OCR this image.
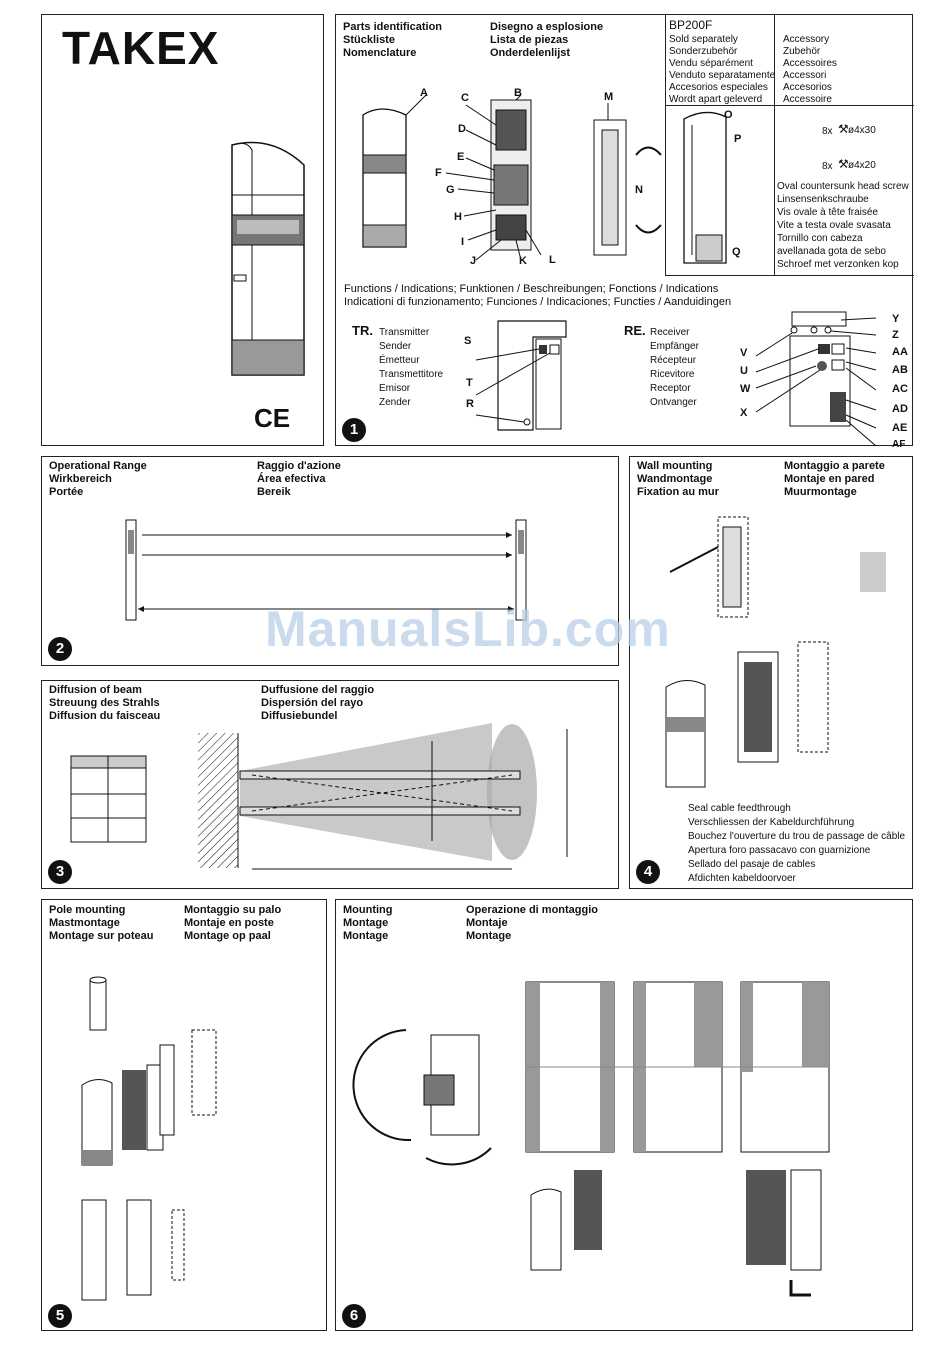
TAKEX
CE
Parts identification
Stückliste
Nomenclature
Disegno a esplosione
Lista de piezas
Onderdelenlijst
A	B
C
D
E
F
G
H
I
J	K L
M
N
BP200F
Sold separately
Sonderzubehör
Vendu séparément
Venduto separatamente
Accesorios especiales
Wordt apart geleverd
Accessory
Zubehör
Accessoires
Accessori
Accesorios
Accessoire
O
P
Q
8x ⚒ ø4x30
8x ⚒ ø4x20
Oval countersunk head screw
Linsensenkschraube
Vis ovale à tête fraisée
Vite a testa ovale svasata
Tornillo con cabeza
avellanada gota de sebo
Schroef met verzonken kop
Functions / Indications; Funktionen / Beschreibungen; Fonctions / Indications
Indicationi di funzionamento; Funciones / Indicaciones; Functies / Aanduidingen
TR. Transmitter
Sender
Émetteur
Transmettitore
Emisor
Zender
S
T
R
RE. Receiver
Empfänger
Récepteur
Ricevitore
Receptor
Ontvanger
V
U
W
X
Y
Z
AA
AB
AC
AD
AE
AF
1
Operational Range
Wirkbereich
Portée
Raggio d'azione
Área efectiva
Bereik
2
Diffusion of beam
Streuung des Strahls
Diffusion du faisceau
Duffusione del raggio
Dispersión del rayo
Diffusiebundel
3
Wall mounting
Wandmontage
Fixation au mur
Montaggio a parete
Montaje en pared
Muurmontage
Seal cable feedthrough
Verschliessen der Kabeldurchführung
Bouchez l'ouverture du trou de passage de câble
Apertura foro passacavo con guarnizione
Sellado del pasaje de cables
Afdichten kabeldoorvoer
4
Pole mounting
Mastmontage
Montage sur poteau
Montaggio su palo
Montaje en poste
Montage op paal
5
Mounting
Montage
Montage
Operazione di montaggio
Montaje
Montage
6
ManualsLib.com
